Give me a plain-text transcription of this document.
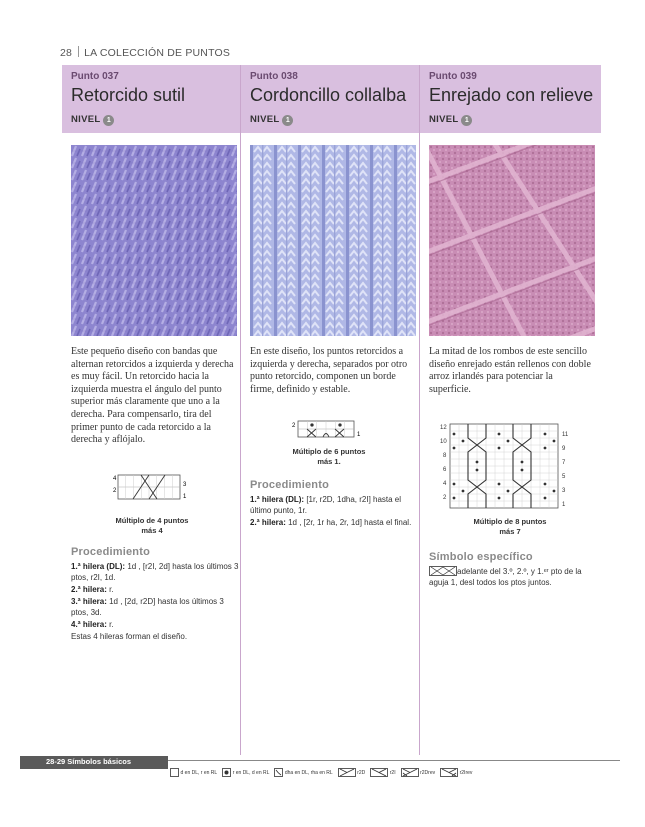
28 LA COLECCIÓN DE PUNTOS
Punto 037
Retorcido sutil
NIVEL 1
Este pequeño diseño con bandas que alternan retorcidos a izquierda y derecha es muy fácil. Un retorcido hacia la izquierda muestra el ángulo del punto superior más claramente que uno a la derecha. Para compensarlo, tira del primer punto de cada retorcido a la derecha y aflójalo.
4
2
3
1
Múltiplo de 4 puntos
más 4
Procedimiento

1.ª hilera (DL): 1d , [r2I, 2d] hasta los últimos 3 ptos, r2I, 1d.

2.ª hilera: r.

3.ª hilera: 1d , [2d, r2D] hasta los últimos 3 ptos, 3d.

4.ª hilera: r.

Estas 4 hileras forman el diseño.

Punto 038
Cordoncillo collalba
NIVEL 1
En este diseño, los puntos retorcidos a izquierda y derecha, separados por otro punto retorcido, componen un borde firme, definido y estable.
2
1
Múltiplo de 6 puntos
más 1.
Procedimiento

1.ª hilera (DL): [1r, r2D, 1dha, r2I] hasta el último punto, 1r.

2.ª hilera: 1d , [2r, 1r ha, 2r, 1d] hasta el final.

Punto 039
Enrejado con relieve
NIVEL 1
La mitad de los rombos de este sencillo diseño enrejado están rellenos con doble arroz irlandés para potenciar la superficie.
12
10
8
6
4
2
11
9
7
5
3
1
Múltiplo de 8 puntos
más 7
Símbolo específico
adelante del 3.º, 2.º, y 1.ᵉʳ pto de la aguja 1, desl todos los ptos juntos.
28-29 Símbolos básicos
d en DL, r en RL	r en DL, d en RL	dha en DL, rha en RL	r2D	r2I	r2Drev	r2Irev
